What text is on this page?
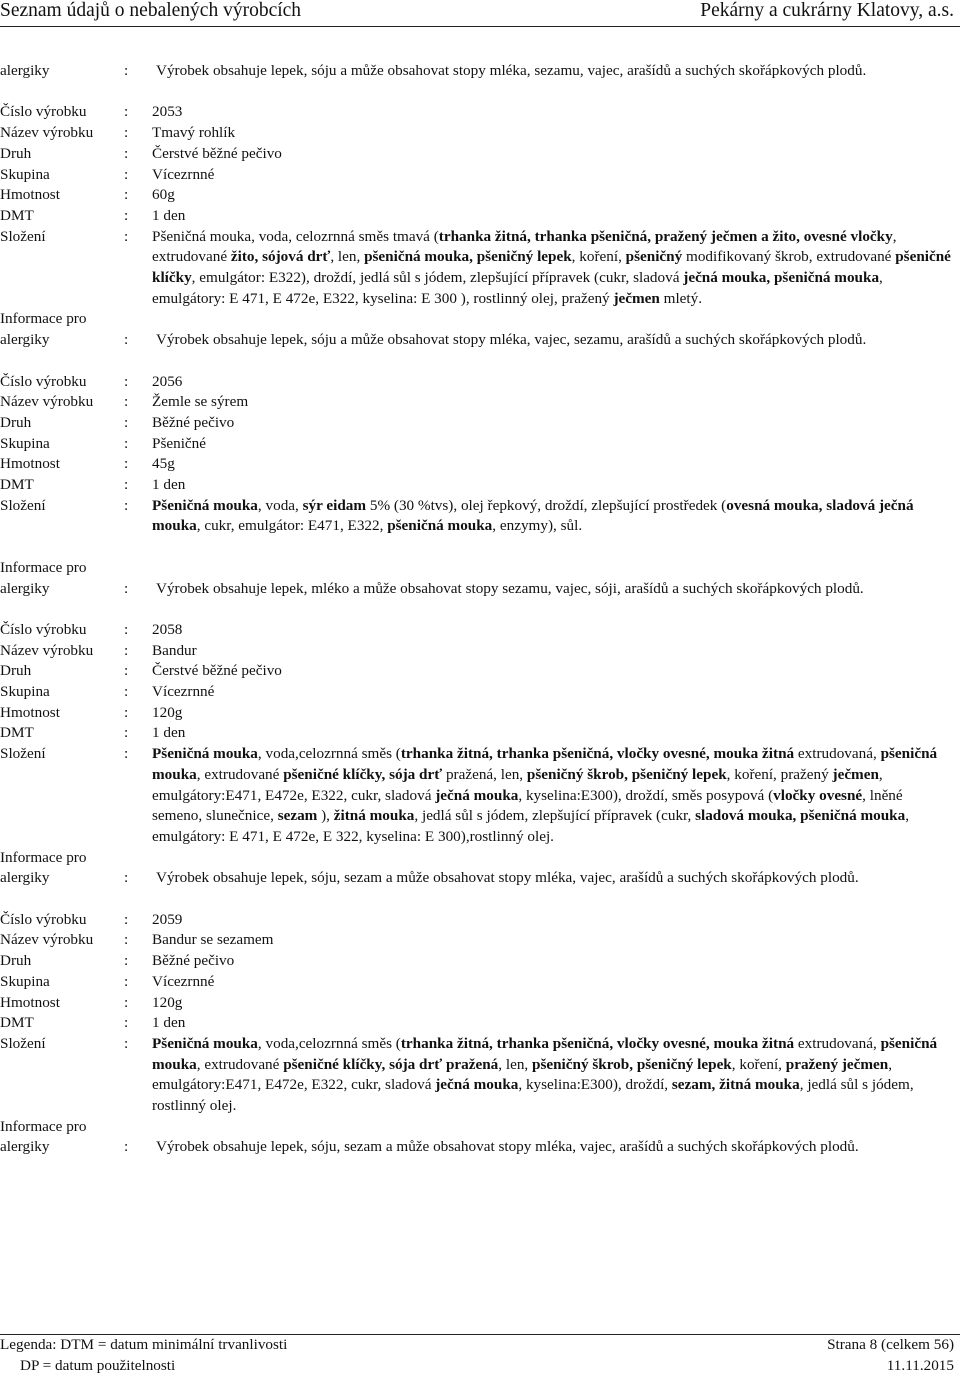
Seznam údajů o nebalených výrobcích	Pekárny a cukrárny Klatovy, a.s.
alergiky	:	Výrobek obsahuje lepek, sóju a může obsahovat stopy mléka, sezamu, vajec, arašídů a suchých skořápkových plodů.
Číslo výrobku	:	2053
Název výrobku	:	Tmavý rohlík
Druh	:	Čerstvé běžné pečivo
Skupina	:	Vícezrnné
Hmotnost	:	60g
DMT	:	1 den
Složení	:	Pšeničná mouka, voda, celozrnná směs tmavá (trhanka žitná, trhanka pšeničná, pražený ječmen a žito, ovesné vločky, extrudované žito, sójová drť, len, pšeničná mouka, pšeničný lepek, koření, pšeničný modifikovaný škrob, extrudované pšeničné klíčky, emulgátor: E322), droždí, jedlá sůl s jódem, zlepšující přípravek (cukr, sladová ječná mouka, pšeničná mouka, emulgátory: E 471, E 472e, E322, kyselina: E 300 ), rostlinný olej, pražený ječmen mletý.
Informace pro
alergiky	:	Výrobek obsahuje lepek, sóju a může obsahovat stopy mléka, vajec, sezamu, arašídů a suchých skořápkových plodů.
Číslo výrobku	:	2056
Název výrobku	:	Žemle se sýrem
Druh	:	Běžné pečivo
Skupina	:	Pšeničné
Hmotnost	:	45g
DMT	:	1 den
Složení	:	Pšeničná mouka, voda, sýr eidam 5% (30 %tvs), olej řepkový, droždí, zlepšující prostředek (ovesná mouka, sladová ječná mouka, cukr, emulgátor: E471, E322, pšeničná mouka, enzymy), sůl.
Informace pro
alergiky	:	Výrobek obsahuje lepek, mléko a může obsahovat stopy sezamu, vajec, sóji, arašídů a suchých skořápkových plodů.
Číslo výrobku	:	2058
Název výrobku	:	Bandur
Druh	:	Čerstvé běžné pečivo
Skupina	:	Vícezrnné
Hmotnost	:	120g
DMT	:	1 den
Složení	:	Pšeničná mouka, voda,celozrnná směs (trhanka žitná, trhanka pšeničná, vločky ovesné, mouka žitná extrudovaná, pšeničná mouka, extrudované pšeničné klíčky, sója drť pražená, len, pšeničný škrob, pšeničný lepek, koření, pražený ječmen, emulgátory:E471, E472e, E322, cukr, sladová ječná mouka, kyselina:E300), droždí, směs posypová (vločky ovesné, lněné semeno, slunečnice, sezam ), žitná mouka, jedlá sůl s jódem, zlepšující přípravek (cukr, sladová mouka, pšeničná mouka, emulgátory: E 471, E 472e, E 322, kyselina: E 300),rostlinný olej.
Informace pro
alergiky	:	Výrobek obsahuje lepek, sóju, sezam a může obsahovat stopy mléka, vajec, arašídů a suchých skořápkových plodů.
Číslo výrobku	:	2059
Název výrobku	:	Bandur se sezamem
Druh	:	Běžné pečivo
Skupina	:	Vícezrnné
Hmotnost	:	120g
DMT	:	1 den
Složení	:	Pšeničná mouka, voda,celozrnná směs (trhanka žitná, trhanka pšeničná, vločky ovesné, mouka žitná extrudovaná, pšeničná mouka, extrudované pšeničné klíčky, sója drť pražená, len, pšeničný škrob, pšeničný lepek, koření, pražený ječmen, emulgátory:E471, E472e, E322, cukr, sladová ječná mouka, kyselina:E300), droždí, sezam, žitná mouka, jedlá sůl s jódem, rostlinný olej.
Informace pro
alergiky	:	Výrobek obsahuje lepek, sóju, sezam a může obsahovat stopy mléka, vajec, arašídů a suchých skořápkových plodů.
Legenda: DTM = datum minimální trvanlivosti
DP = datum použitelnosti
Strana 8 (celkem 56)
11.11.2015
